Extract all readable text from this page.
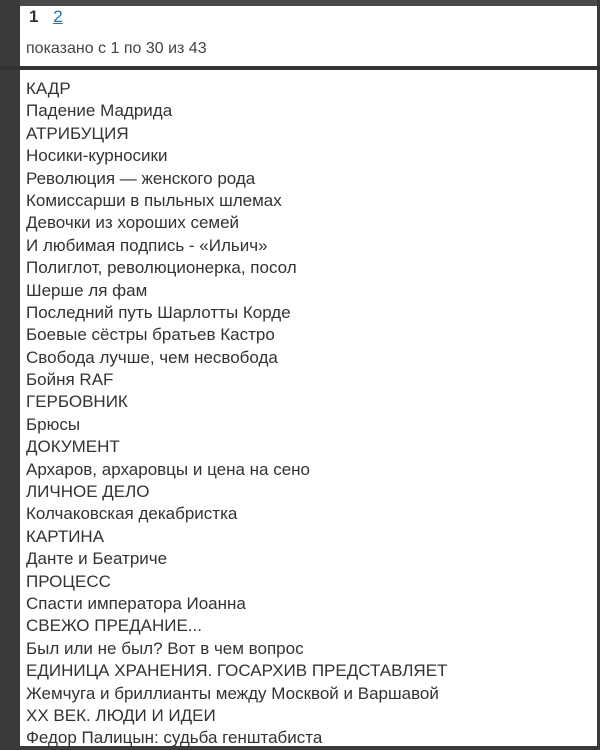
1 2
показано с 1 по 30 из 43
КАДР
Падение Мадрида
АТРИБУЦИЯ
Носики-курносики
Революция — женского рода
Комиссарши в пыльных шлемах
Девочки из хороших семей
И любимая подпись - «Ильич»
Полиглот, революционерка, посол
Шерше ля фам
Последний путь Шарлотты Корде
Боевые сёстры братьев Кастро
Свобода лучше, чем несвобода
Бойня RAF
ГЕРБОВНИК
Брюсы
ДОКУМЕНТ
Архаров, архаровцы и цена на сено
ЛИЧНОЕ ДЕЛО
Колчаковская декабристка
КАРТИНА
Данте и Беатриче
ПРОЦЕСС
Спасти императора Иоанна
СВЕЖО ПРЕДАНИЕ...
Был или не был? Вот в чем вопрос
ЕДИНИЦА ХРАНЕНИЯ. ГОСАРХИВ ПРЕДСТАВЛЯЕТ
Жемчуга и бриллианты между Москвой и Варшавой
XX ВЕК. ЛЮДИ И ИДЕИ
Федор Палицын: судьба генштабиста
